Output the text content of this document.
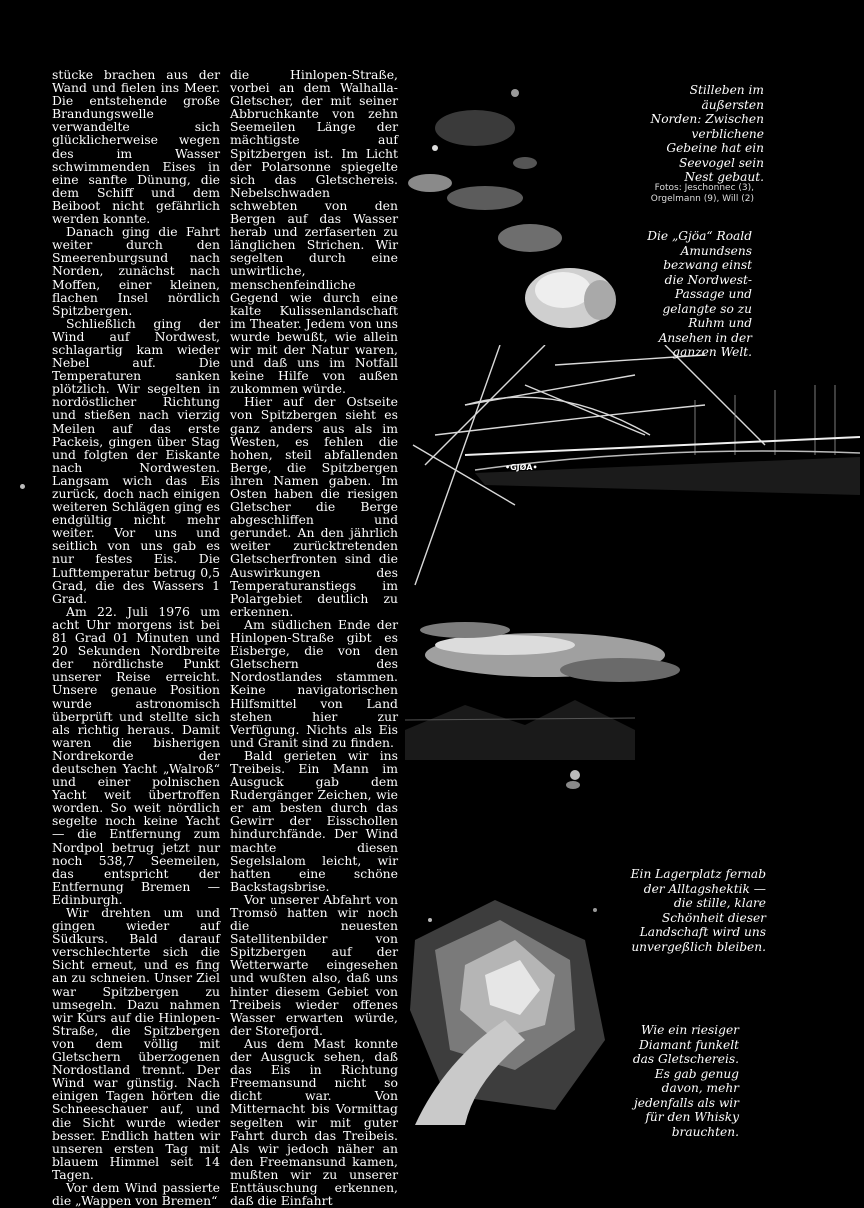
stücke brachen aus der Wand und fielen ins Meer. Die entstehende große Brandungswelle verwandelte sich glücklicherweise wegen des im Wasser schwimmenden Eises in eine sanfte Dünung, die dem Schiff und dem Beiboot nicht gefährlich werden konnte.

Danach ging die Fahrt weiter durch den Smeerenburgsund nach Norden, zunächst nach Moffen, einer kleinen, flachen Insel nördlich Spitzbergen.

Schließlich ging der Wind auf Nordwest, schlagartig kam wieder Nebel auf. Die Temperaturen sanken plötzlich. Wir segelten in nordöstlicher Richtung und stießen nach vierzig Meilen auf das erste Packeis, gingen über Stag und folgten der Eiskante nach Nordwesten. Langsam wich das Eis zurück, doch nach einigen weiteren Schlägen ging es endgültig nicht mehr weiter. Vor uns und seitlich von uns gab es nur festes Eis. Die Lufttemperatur betrug 0,5 Grad, die des Wassers 1 Grad.

Am 22. Juli 1976 um acht Uhr morgens ist bei 81 Grad 01 Minuten und 20 Sekunden Nordbreite der nördlichste Punkt unserer Reise erreicht. Unsere genaue Position wurde astronomisch überprüft und stellte sich als richtig heraus. Damit waren die bisherigen Nordrekorde der deutschen Yacht „Walroß“ und einer polnischen Yacht weit übertroffen worden. So weit nördlich segelte noch keine Yacht — die Entfernung zum Nordpol betrug jetzt nur noch 538,7 Seemeilen, das entspricht der Entfernung Bremen — Edinburgh.

Wir drehten um und gingen wieder auf Südkurs. Bald darauf verschlechterte sich die Sicht erneut, und es fing an zu schneien. Unser Ziel war Spitzbergen zu umsegeln. Dazu nahmen wir Kurs auf die Hinlopen-Straße, die Spitzbergen von dem völlig mit Gletschern überzogenen Nordostland trennt. Der Wind war günstig. Nach einigen Tagen hörten die Schneeschauer auf, und die Sicht wurde wieder besser. Endlich hatten wir unseren ersten Tag mit blauem Himmel seit 14 Tagen.

Vor dem Wind passierte die „Wappen von Bremen“

die Hinlopen-Straße, vorbei an dem Walhalla-Gletscher, der mit seiner Abbruchkante von zehn Seemeilen Länge der mächtigste auf Spitzbergen ist. Im Licht der Polarsonne spiegelte sich das Gletschereis. Nebelschwaden schwebten von den Bergen auf das Wasser herab und zerfaserten zu länglichen Strichen. Wir segelten durch eine unwirtliche, menschenfeindliche Gegend wie durch eine kalte Kulissenlandschaft im Theater. Jedem von uns wurde bewußt, wie allein wir mit der Natur waren, und daß uns im Notfall keine Hilfe von außen zukommen würde.

Hier auf der Ostseite von Spitzbergen sieht es ganz anders aus als im Westen, es fehlen die hohen, steil abfallenden Berge, die Spitzbergen ihren Namen gaben. Im Osten haben die riesigen Gletscher die Berge abgeschliffen und gerundet. An den jährlich weiter zurücktretenden Gletscherfronten sind die Auswirkungen des Temperaturanstiegs im Polargebiet deutlich zu erkennen.

Am südlichen Ende der Hinlopen-Straße gibt es Eisberge, die von den Gletschern des Nordostlandes stammen. Keine navigatorischen Hilfsmittel von Land stehen hier zur Verfügung. Nichts als Eis und Granit sind zu finden.

Bald gerieten wir ins Treibeis. Ein Mann im Ausguck gab dem Rudergänger Zeichen, wie er am besten durch das Gewirr der Eisschollen hindurchfände. Der Wind machte diesen Segelslalom leicht, wir hatten eine schöne Backstagsbrise.

Vor unserer Abfahrt von Tromsö hatten wir noch die neuesten Satellitenbilder von Spitzbergen auf der Wetterwarte eingesehen und wußten also, daß uns hinter diesem Gebiet von Treibeis wieder offenes Wasser erwarten würde, der Storefjord.

Aus dem Mast konnte der Ausguck sehen, daß das Eis in Richtung Freemansund nicht so dicht war. Von Mitternacht bis Vormittag segelten wir mit guter Fahrt durch das Treibeis. Als wir jedoch näher an den Freemansund kamen, mußten wir zu unserer Enttäuschung erkennen, daß die Einfahrt

•GJØA•
Stilleben im äußersten Norden: Zwischen verblichene Gebeine hat ein Seevogel sein Nest gebaut.
Fotos: Jeschonnec (3), Orgelmann (9), Will (2)
Die „Gjöa“ Roald Amundsens bezwang einst die Nordwest-Passage und gelangte so zu Ruhm und Ansehen in der ganzen Welt.
Ein Lagerplatz fernab der Alltagshektik — die stille, klare Schönheit dieser Landschaft wird uns unvergeßlich bleiben.
Wie ein riesiger Diamant funkelt das Gletschereis. Es gab genug davon, mehr jedenfalls als wir für den Whisky brauchten.
